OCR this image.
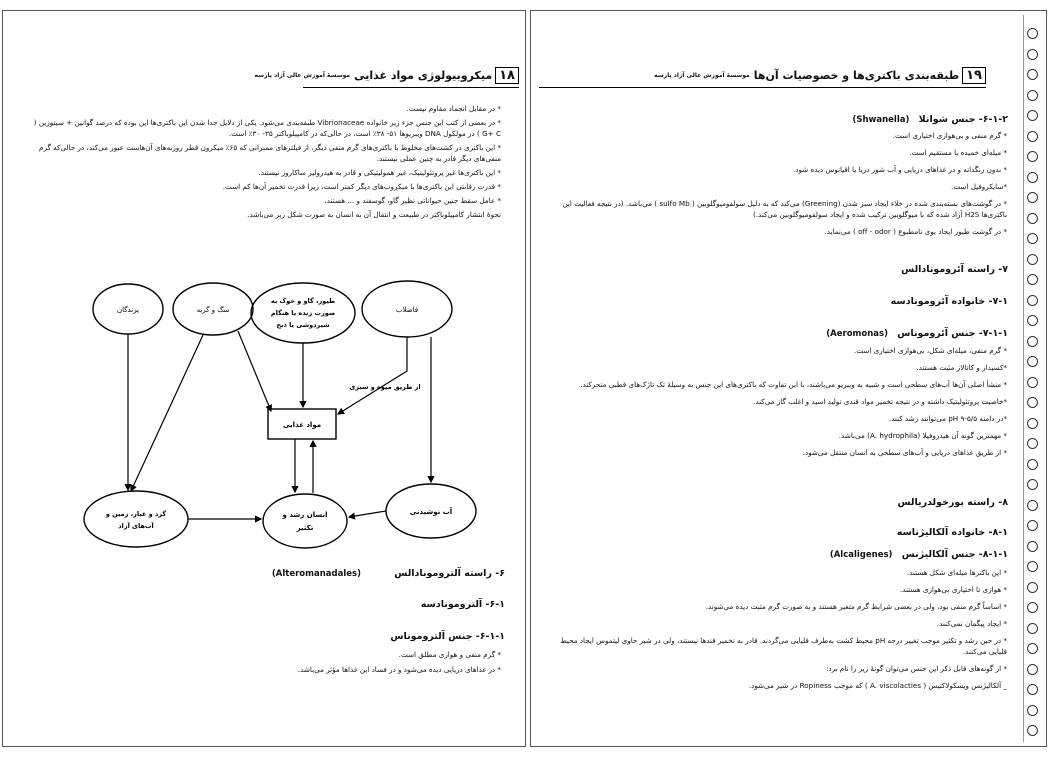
۱۸
میکروبیولوژی مواد غذایی
موسسهٔ آموزش عالی آزاد پارسه
* در مقابل انجماد مقاوم نیست.
* در بعضی از کتب این جنس جزء زیر خانواده Vibrionaceae طبقه‌بندی می‌شود. یکی از دلایل جدا شدن این باکتری‌ها این بوده که درصد گوانین + سیتوزین ( G+ C ) در مولکول DNA ویبریوها ۵۱- ۳۸٪ است، در حالی‌که در کامپیلوباکتر ۳۵- ۳۰٪ است.
* این باکتری در کشت‌های مخلوط با باکتری‌های گرم منفی دیگر، از فیلترهای ممبرانی که ۶۵٪ میکرون قطر روزنه‌های آن‌هاست عبور می‌کند، در حالی‌که گرم منفی‌های دیگر قادر به چنین عملی نیستند.
* این باکتری‌ها غیر پروتئولیتیک، غیر همولیتیکی و قادر به هیدرولیز ساکاروز نیستند.
* قدرت رقابتی این باکتری‌ها با میکروب‌های دیگر کمتر است، زیرا قدرت تخمیر آن‌ها کم است.
* عامل سقط جنین حیواناتی نظیر گاو، گوسفند و ... هستند.
نحوهٔ انتشار کامپیلوباکتر در طبیعت و انتقال آن به انسان به صورت شکل زیر می‌باشد.
پرندگان	سگ و گربه
طیور، گاو و خوک به
صورت زنده یا هنگام
شیردوشی یا ذبح
فاضلاب
از طریق میوه و سبزی
مواد غذایی
گرد و غبار، زمین و
آب‌های آزاد
انسان رشد و
تکثیر
آب نوشیدنی
۶- راسته آلترومونادالس (Alteromanadales)
۶-۱- آلترومونادسه
۶-۱-۱- جنس آلتروموناس
* گرم منفی و هوازی مطلق است.
* در غذاهای دریایی دیده می‌شود و در فساد این غذاها مؤثر می‌باشد.
۱۹
طبقه‌بندی باکتری‌ها و خصوصیات آن‌ها
موسسهٔ آموزش عالی آزاد پارسه
۶-۱-۲- جنس شوانلا (Shwanella)
* گرم منفی و بی‌هوازی اختیاری است.
* میله‌ای خمیده یا مستقیم است.
* بدون رنگدانه و در غذاهای دریایی و آب شور دریا یا اقیانوس دیده شود.
*سایکروفیل است.
* در گوشت‌های بسته‌بندی شده در خلاء ایجاد سبز شدن (Greening) می‌کند که به دلیل سولفومیوگلوبین ( sulfo Mb ) می‌باشد. (در نتیجه فعالیت این باکتری‌ها H2S آزاد شده که با میوگلوبین ترکیب شده و ایجاد سولفومیوگلوبین می‌کند.)
* در گوشت طیور ایجاد بوی نامطبوع ( off - odor ) می‌نماید.
۷- راسته آئرومونادالس
۷-۱- خانواده آئرومونادسه
۷-۱-۱- جنس آئروموناس (Aeromonas)
* گرم منفی، میله‌ای شکل، بی‌هوازی اختیاری است.
*کسیداز و کاتالاز مثبت هستند.
* منشأ اصلی آن‌ها آب‌های سطحی است و شبیه به ویبریو می‌باشند، با این تفاوت که باکتری‌های این جنس به وسیلهٔ تک تاژک‌های قطبی متحرکند.
*خاصیت پروتئولیتیک داشته و در نتیجه تخمیر مواد قندی تولید اسید و اغلب گاز می‌کند.
*در دامنه pH ۹-۵/۵ می‌توانند رشد کنند.
* مهمترین گونه آن هیدروفیلا (A. hydrophila) می‌باشد.
* از طریق غذاهای دریایی و آب‌های سطحی به انسان منتقل می‌شود.
۸- راسته بورخولدریالس
۸-۱- خانواده آلکالیژناسه
۸-۱-۱- جنس آلکالیژنس (Alcaligenes)
* این باکترها میله‌ای شکل هستند.
* هوازی تا اختیاری بی‌هوازی هستند.
* اساساً گرم منفی بود، ولی در بعضی شرایط گرم متغیر هستند و به صورت گرم مثبت دیده می‌شوند.
* ایجاد پیگمان نمی‌کنند.
* در حین رشد و تکثیر موجب تغییر درجه pH محیط کشت به‌طرف قلیایی می‌گردند. قادر به تخمیر قندها نیستند، ولی در شیر حاوی لیتموس ایجاد محیط قلیایی می‌کنند.
* از گونه‌های قابل ذکر این جنس می‌توان گونهٔ زیر را نام برد:
_ آلکالیژنس ویسکولاکتیس ( A. viscolacties ) که موجب Ropiness در شیر می‌شود.
